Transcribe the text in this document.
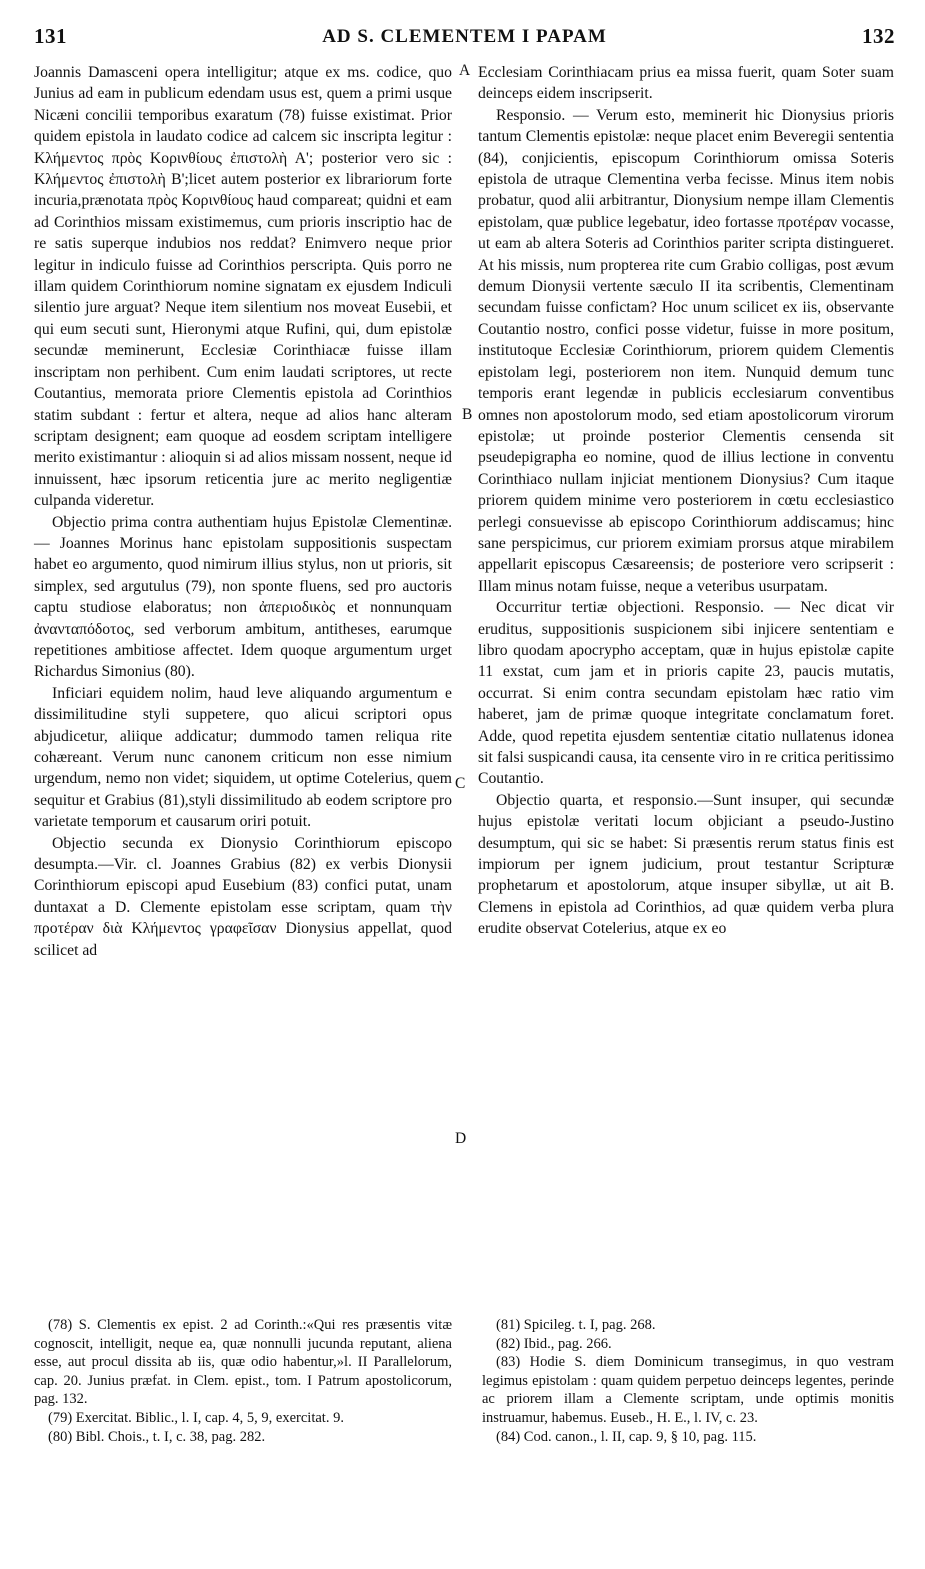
131	AD S. CLEMENTEM I PAPAM	132
A
B
C
D

Joannis Damasceni opera intelligitur; atque ex ms. codice, quo Junius ad eam in publicum edendam usus est, quem a primi usque Nicæni concilii temporibus exaratum (78) fuisse existimat. Prior quidem epistola in laudato codice ad calcem sic inscripta legitur : Κλήμεντος πρὸς Κορινθίους ἐπιστολὴ Α'; posterior vero sic : Κλήμεντος ἐπιστολὴ Β';licet autem posterior ex librariorum forte incuria,prænotata πρὸς Κορινθίους haud compareat; quidni et eam ad Corinthios missam existimemus, cum prioris inscriptio hac de re satis superque indubios nos reddat? Enimvero neque prior legitur in indiculo fuisse ad Corinthios perscripta. Quis porro ne illam quidem Corinthiorum nomine signatam ex ejusdem Indiculi silentio jure arguat? Neque item silentium nos moveat Eusebii, et qui eum secuti sunt, Hieronymi atque Rufini, qui, dum epistolæ secundæ meminerunt, Ecclesiæ Corinthiacæ fuisse illam inscriptam non perhibent. Cum enim laudati scriptores, ut recte Coutantius, memorata priore Clementis epistola ad Corinthios statim subdant : fertur et altera, neque ad alios hanc alteram scriptam designent; eam quoque ad eosdem scriptam intelligere merito existimantur : alioquin si ad alios missam nossent, neque id innuissent, hæc ipsorum reticentia jure ac merito negligentiæ culpanda videretur.

Objectio prima contra authentiam hujus Epistolæ Clementinæ. — Joannes Morinus hanc epistolam suppositionis suspectam habet eo argumento, quod nimirum illius stylus, non ut prioris, sit simplex, sed argutulus (79), non sponte fluens, sed pro auctoris captu studiose elaboratus; non ἀπεριοδικὸς et nonnunquam ἀνανταπόδοτος, sed verborum ambitum, antitheses, earumque repetitiones ambitiose affectet. Idem quoque argumentum urget Richardus Simonius (80).

Inficiari equidem nolim, haud leve aliquando argumentum e dissimilitudine styli suppetere, quo alicui scriptori opus abjudicetur, aliique addicatur; dummodo tamen reliqua rite cohæreant. Verum nunc canonem criticum non esse nimium urgendum, nemo non videt; siquidem, ut optime Cotelerius, quem sequitur et Grabius (81),styli dissimilitudo ab eodem scriptore pro varietate temporum et causarum oriri potuit.

Objectio secunda ex Dionysio Corinthiorum episcopo desumpta.—Vir. cl. Joannes Grabius (82) ex verbis Dionysii Corinthiorum episcopi apud Eusebium (83) confici putat, unam duntaxat a D. Clemente epistolam esse scriptam, quam τὴν προτέραν διὰ Κλήμεντος γραφεῖσαν Dionysius appellat, quod scilicet ad

Ecclesiam Corinthiacam prius ea missa fuerit, quam Soter suam deinceps eidem inscripserit.

Responsio. — Verum esto, meminerit hic Dionysius prioris tantum Clementis epistolæ: neque placet enim Beveregii sententia (84), conjicientis, episcopum Corinthiorum omissa Soteris epistola de utraque Clementina verba fecisse. Minus item nobis probatur, quod alii arbitrantur, Dionysium nempe illam Clementis epistolam, quæ publice legebatur, ideo fortasse προτέραν vocasse, ut eam ab altera Soteris ad Corinthios pariter scripta distingueret. At his missis, num propterea rite cum Grabio colligas, post ævum demum Dionysii vertente sæculo II ita scribentis, Clementinam secundam fuisse confictam? Hoc unum scilicet ex iis, observante Coutantio nostro, confici posse videtur, fuisse in more positum, institutoque Ecclesiæ Corinthiorum, priorem quidem Clementis epistolam legi, posteriorem non item. Nunquid demum tunc temporis erant legendæ in publicis ecclesiarum conventibus omnes non apostolorum modo, sed etiam apostolicorum virorum epistolæ; ut proinde posterior Clementis censenda sit pseudepigrapha eo nomine, quod de illius lectione in conventu Corinthiaco nullam injiciat mentionem Dionysius? Cum itaque priorem quidem minime vero posteriorem in cœtu ecclesiastico perlegi consuevisse ab episcopo Corinthiorum addiscamus; hinc sane perspicimus, cur priorem eximiam prorsus atque mirabilem appellarit episcopus Cæsareensis; de posteriore vero scripserit : Illam minus notam fuisse, neque a veteribus usurpatam.

Occurritur tertiæ objectioni. Responsio. — Nec dicat vir eruditus, suppositionis suspicionem sibi injicere sententiam e libro quodam apocrypho acceptam, quæ in hujus epistolæ capite 11 exstat, cum jam et in prioris capite 23, paucis mutatis, occurrat. Si enim contra secundam epistolam hæc ratio vim haberet, jam de primæ quoque integritate conclamatum foret. Adde, quod repetita ejusdem sententiæ citatio nullatenus idonea sit falsi suspicandi causa, ita censente viro in re critica peritissimo Coutantio.

Objectio quarta, et responsio.—Sunt insuper, qui secundæ hujus epistolæ veritati locum objiciant a pseudo-Justino desumptum, qui sic se habet: Si præsentis rerum status finis est impiorum per ignem judicium, prout testantur Scripturæ prophetarum et apostolorum, atque insuper sibyllæ, ut ait B. Clemens in epistola ad Corinthios, ad quæ quidem verba plura erudite observat Cotelerius, atque ex eo

(78) S. Clementis ex epist. 2 ad Corinth.:«Qui res præsentis vitæ cognoscit, intelligit, neque ea, quæ nonnulli jucunda reputant, aliena esse, aut procul dissita ab iis, quæ odio habentur,»l. II Parallelorum, cap. 20. Junius præfat. in Clem. epist., tom. I Patrum apostolicorum, pag. 132.

(79) Exercitat. Biblic., l. I, cap. 4, 5, 9, exercitat. 9.

(80) Bibl. Chois., t. I, c. 38, pag. 282.

(81) Spicileg. t. I, pag. 268.

(82) Ibid., pag. 266.

(83) Hodie S. diem Dominicum transegimus, in quo vestram legimus epistolam : quam quidem perpetuo deinceps legentes, perinde ac priorem illam a Clemente scriptam, unde optimis monitis instruamur, habemus. Euseb., H. E., l. IV, c. 23.

(84) Cod. canon., l. II, cap. 9, § 10, pag. 115.
